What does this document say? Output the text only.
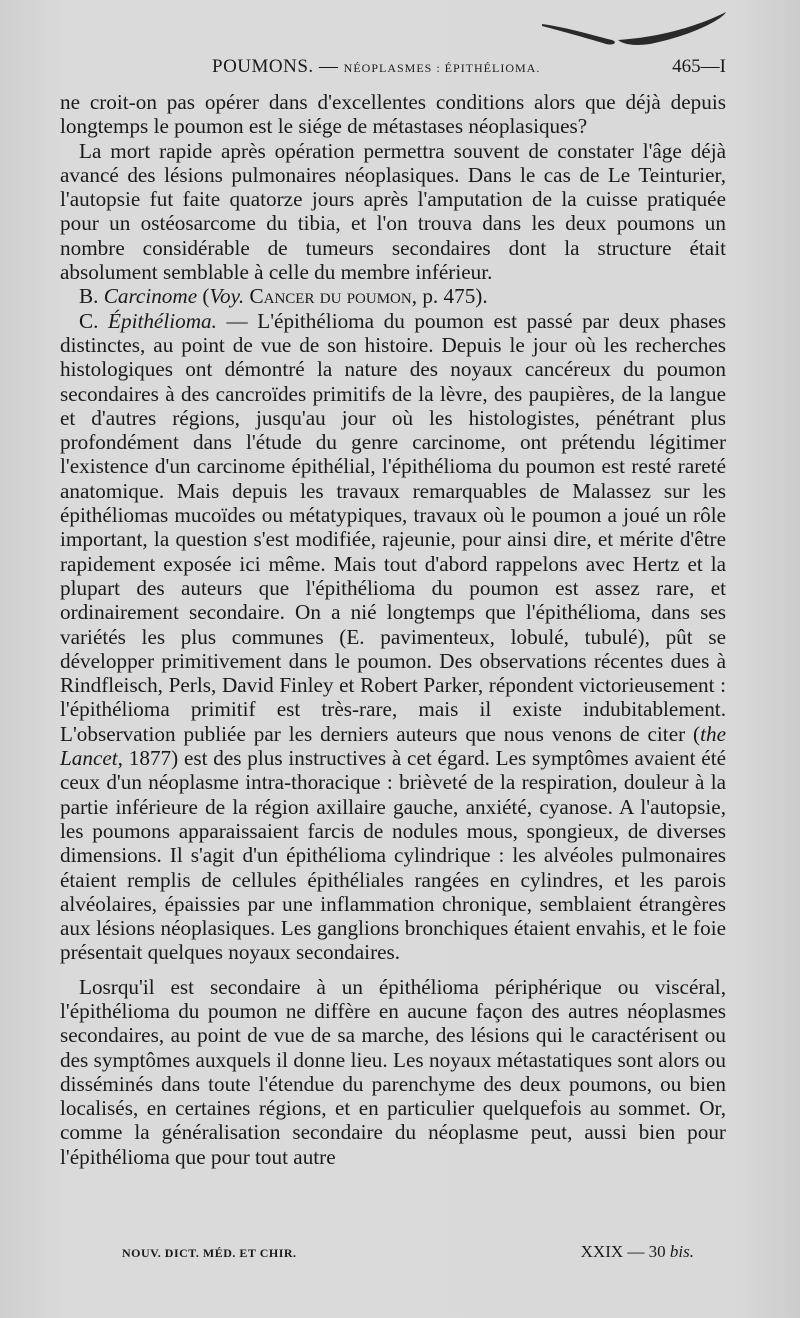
POUMONS. — NÉOPLASMES : ÉPITHÉLIOMA.	465—I

ne croit-on pas opérer dans d'excellentes conditions alors que déjà depuis longtemps le poumon est le siége de métastases néoplasiques?

La mort rapide après opération permettra souvent de constater l'âge déjà avancé des lésions pulmonaires néoplasiques. Dans le cas de Le Teinturier, l'autopsie fut faite quatorze jours après l'amputation de la cuisse pratiquée pour un ostéosarcome du tibia, et l'on trouva dans les deux poumons un nombre considérable de tumeurs secondaires dont la structure était absolument semblable à celle du membre inférieur.

B. Carcinome (Voy. Cancer du poumon, p. 475).

C. Épithélioma. — L'épithélioma du poumon est passé par deux phases distinctes, au point de vue de son histoire. Depuis le jour où les recherches histologiques ont démontré la nature des noyaux cancéreux du poumon secondaires à des cancroïdes primitifs de la lèvre, des paupières, de la langue et d'autres régions, jusqu'au jour où les histologistes, pénétrant plus profondément dans l'étude du genre carcinome, ont prétendu légitimer l'existence d'un carcinome épithélial, l'épithélioma du poumon est resté rareté anatomique. Mais depuis les travaux remarquables de Malassez sur les épithéliomas mucoïdes ou métatypiques, travaux où le poumon a joué un rôle important, la question s'est modifiée, rajeunie, pour ainsi dire, et mérite d'être rapidement exposée ici même. Mais tout d'abord rappelons avec Hertz et la plupart des auteurs que l'épithélioma du poumon est assez rare, et ordinairement secondaire. On a nié longtemps que l'épithélioma, dans ses variétés les plus communes (E. pavimenteux, lobulé, tubulé), pût se développer primitivement dans le poumon. Des observations récentes dues à Rindfleisch, Perls, David Finley et Robert Parker, répondent victorieusement : l'épithélioma primitif est très-rare, mais il existe indubitablement. L'observation publiée par les derniers auteurs que nous venons de citer (the Lancet, 1877) est des plus instructives à cet égard. Les symptômes avaient été ceux d'un néoplasme intra-thoracique : brièveté de la respiration, douleur à la partie inférieure de la région axillaire gauche, anxiété, cyanose. A l'autopsie, les poumons apparaissaient farcis de nodules mous, spongieux, de diverses dimensions. Il s'agit d'un épithélioma cylindrique : les alvéoles pulmonaires étaient remplis de cellules épithéliales rangées en cylindres, et les parois alvéolaires, épaissies par une inflammation chronique, semblaient étrangères aux lésions néoplasiques. Les ganglions bronchiques étaient envahis, et le foie présentait quelques noyaux secondaires.

Losrqu'il est secondaire à un épithélioma périphérique ou viscéral, l'épithélioma du poumon ne diffère en aucune façon des autres néoplasmes secondaires, au point de vue de sa marche, des lésions qui le caractérisent ou des symptômes auxquels il donne lieu. Les noyaux métastatiques sont alors ou disséminés dans toute l'étendue du parenchyme des deux poumons, ou bien localisés, en certaines régions, et en particulier quelquefois au sommet. Or, comme la généralisation secondaire du néoplasme peut, aussi bien pour l'épithélioma que pour tout autre

NOUV. DICT. MÉD. ET CHIR.	XXIX — 30 bis.
